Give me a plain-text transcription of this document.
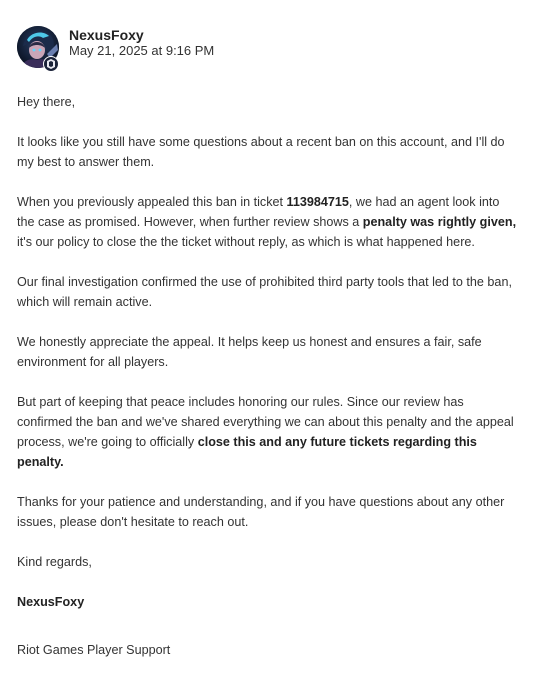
NexusFoxy
May 21, 2025 at 9:16 PM

Hey there,

It looks like you still have some questions about a recent ban on this account, and I'll do my best to answer them.

When you previously appealed this ban in ticket 113984715, we had an agent look into the case as promised. However, when further review shows a penalty was rightly given, it's our policy to close the the ticket without reply, as which is what happened here.

Our final investigation confirmed the use of prohibited third party tools that led to the ban, which will remain active.

We honestly appreciate the appeal. It helps keep us honest and ensures a fair, safe environment for all players.

But part of keeping that peace includes honoring our rules. Since our review has confirmed the ban and we've shared everything we can about this penalty and the appeal process, we're going to officially close this and any future tickets regarding this penalty.

Thanks for your patience and understanding, and if you have questions about any other issues, please don't hesitate to reach out.

Kind regards,

NexusFoxy

Riot Games Player Support
